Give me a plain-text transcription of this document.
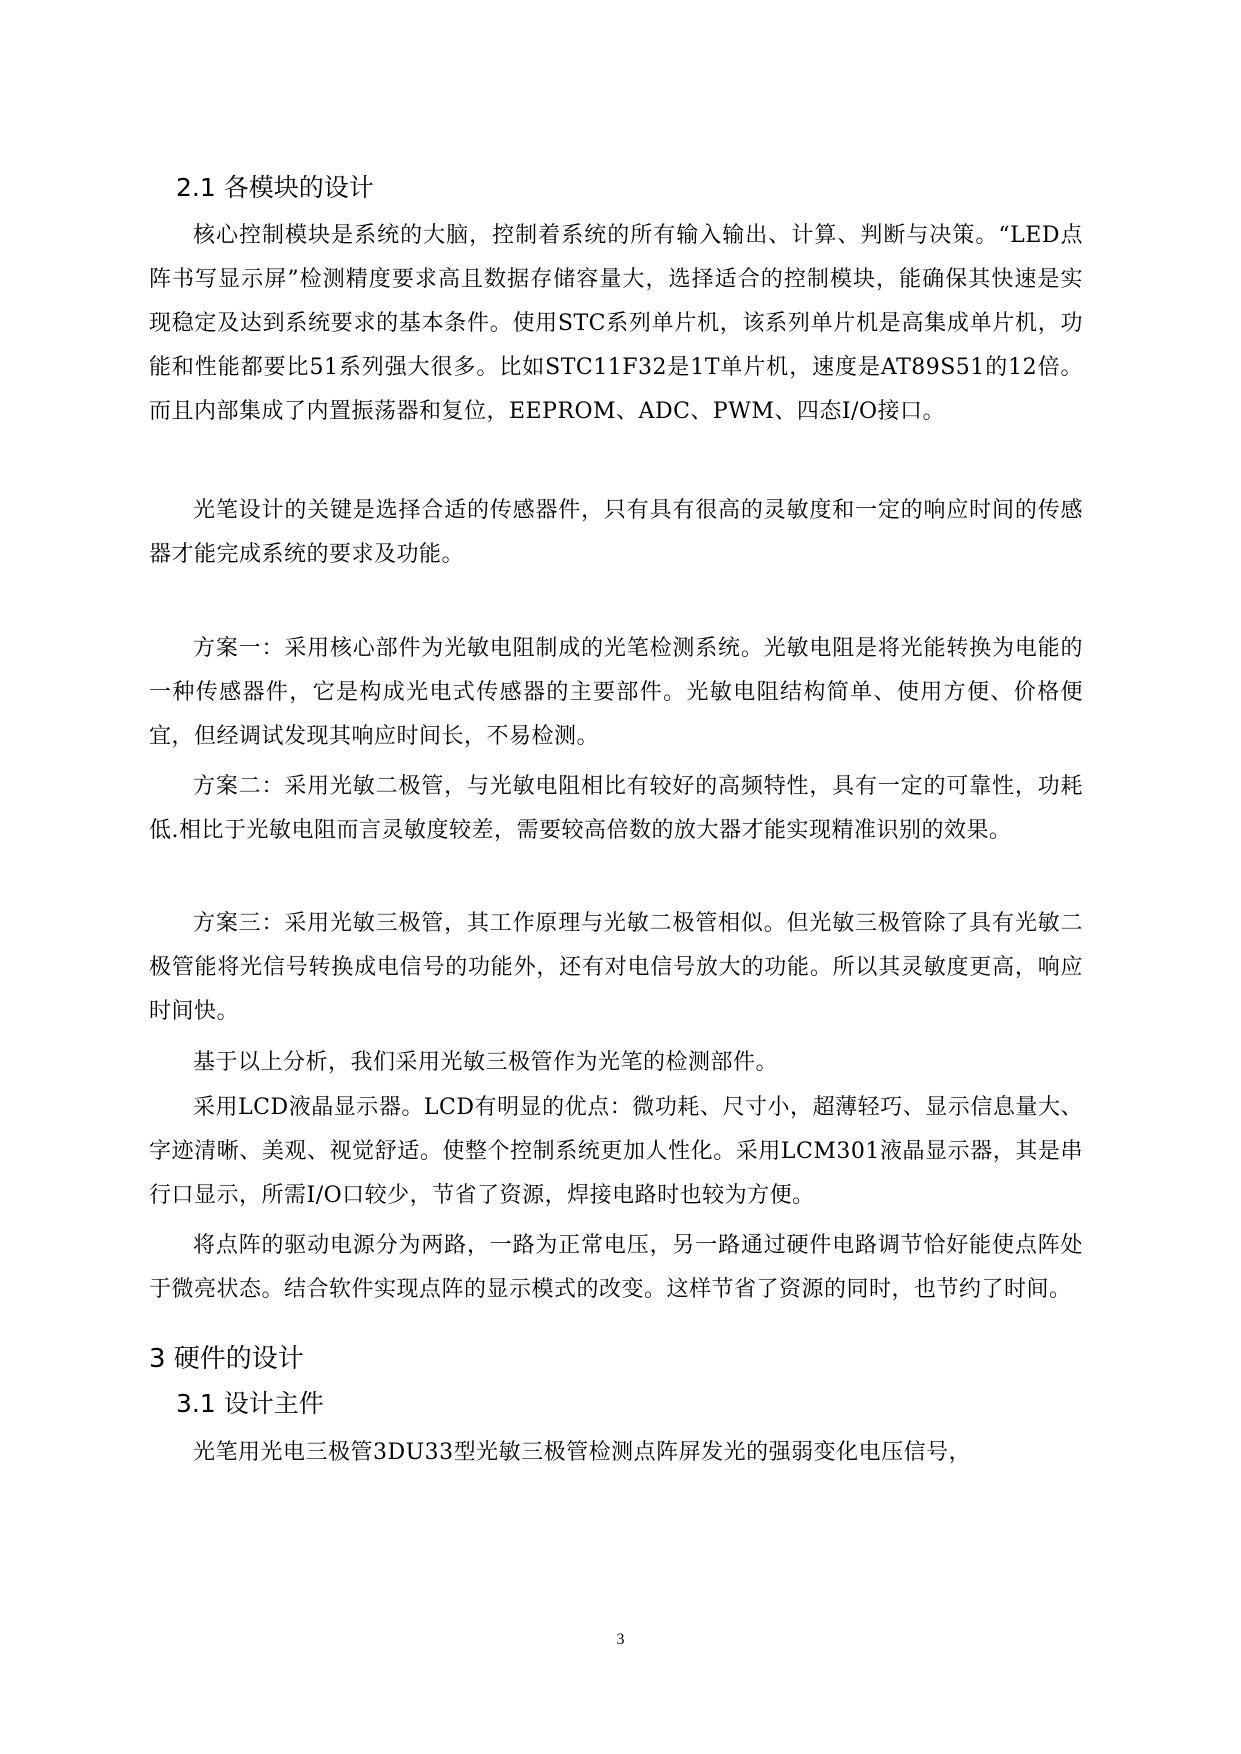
2.1 各模块的设计

核心控制模块是系统的大脑，控制着系统的所有输入输出、计算、判断与决策。“LED点阵书写显示屏”检测精度要求高且数据存储容量大，选择适合的控制模块，能确保其快速是实现稳定及达到系统要求的基本条件。使用STC系列单片机，该系列单片机是高集成单片机，功能和性能都要比51系列强大很多。比如STC11F32是1T单片机，速度是AT89S51的12倍。而且内部集成了内置振荡器和复位，EEPROM、ADC、PWM、四态I/O接口。

光笔设计的关键是选择合适的传感器件，只有具有很高的灵敏度和一定的响应时间的传感器才能完成系统的要求及功能。

方案一：采用核心部件为光敏电阻制成的光笔检测系统。光敏电阻是将光能转换为电能的一种传感器件，它是构成光电式传感器的主要部件。光敏电阻结构简单、使用方便、价格便宜，但经调试发现其响应时间长，不易检测。

方案二：采用光敏二极管，与光敏电阻相比有较好的高频特性，具有一定的可靠性，功耗低.相比于光敏电阻而言灵敏度较差，需要较高倍数的放大器才能实现精准识别的效果。

方案三：采用光敏三极管，其工作原理与光敏二极管相似。但光敏三极管除了具有光敏二极管能将光信号转换成电信号的功能外，还有对电信号放大的功能。所以其灵敏度更高，响应时间快。

基于以上分析，我们采用光敏三极管作为光笔的检测部件。

采用LCD液晶显示器。LCD有明显的优点：微功耗、尺寸小，超薄轻巧、显示信息量大、字迹清晰、美观、视觉舒适。使整个控制系统更加人性化。采用LCM301液晶显示器，其是串行口显示，所需I/O口较少，节省了资源，焊接电路时也较为方便。

将点阵的驱动电源分为两路，一路为正常电压，另一路通过硬件电路调节恰好能使点阵处于微亮状态。结合软件实现点阵的显示模式的改变。这样节省了资源的同时，也节约了时间。

3 硬件的设计
3.1 设计主件

光笔用光电三极管3DU33型光敏三极管检测点阵屏发光的强弱变化电压信号，

3
